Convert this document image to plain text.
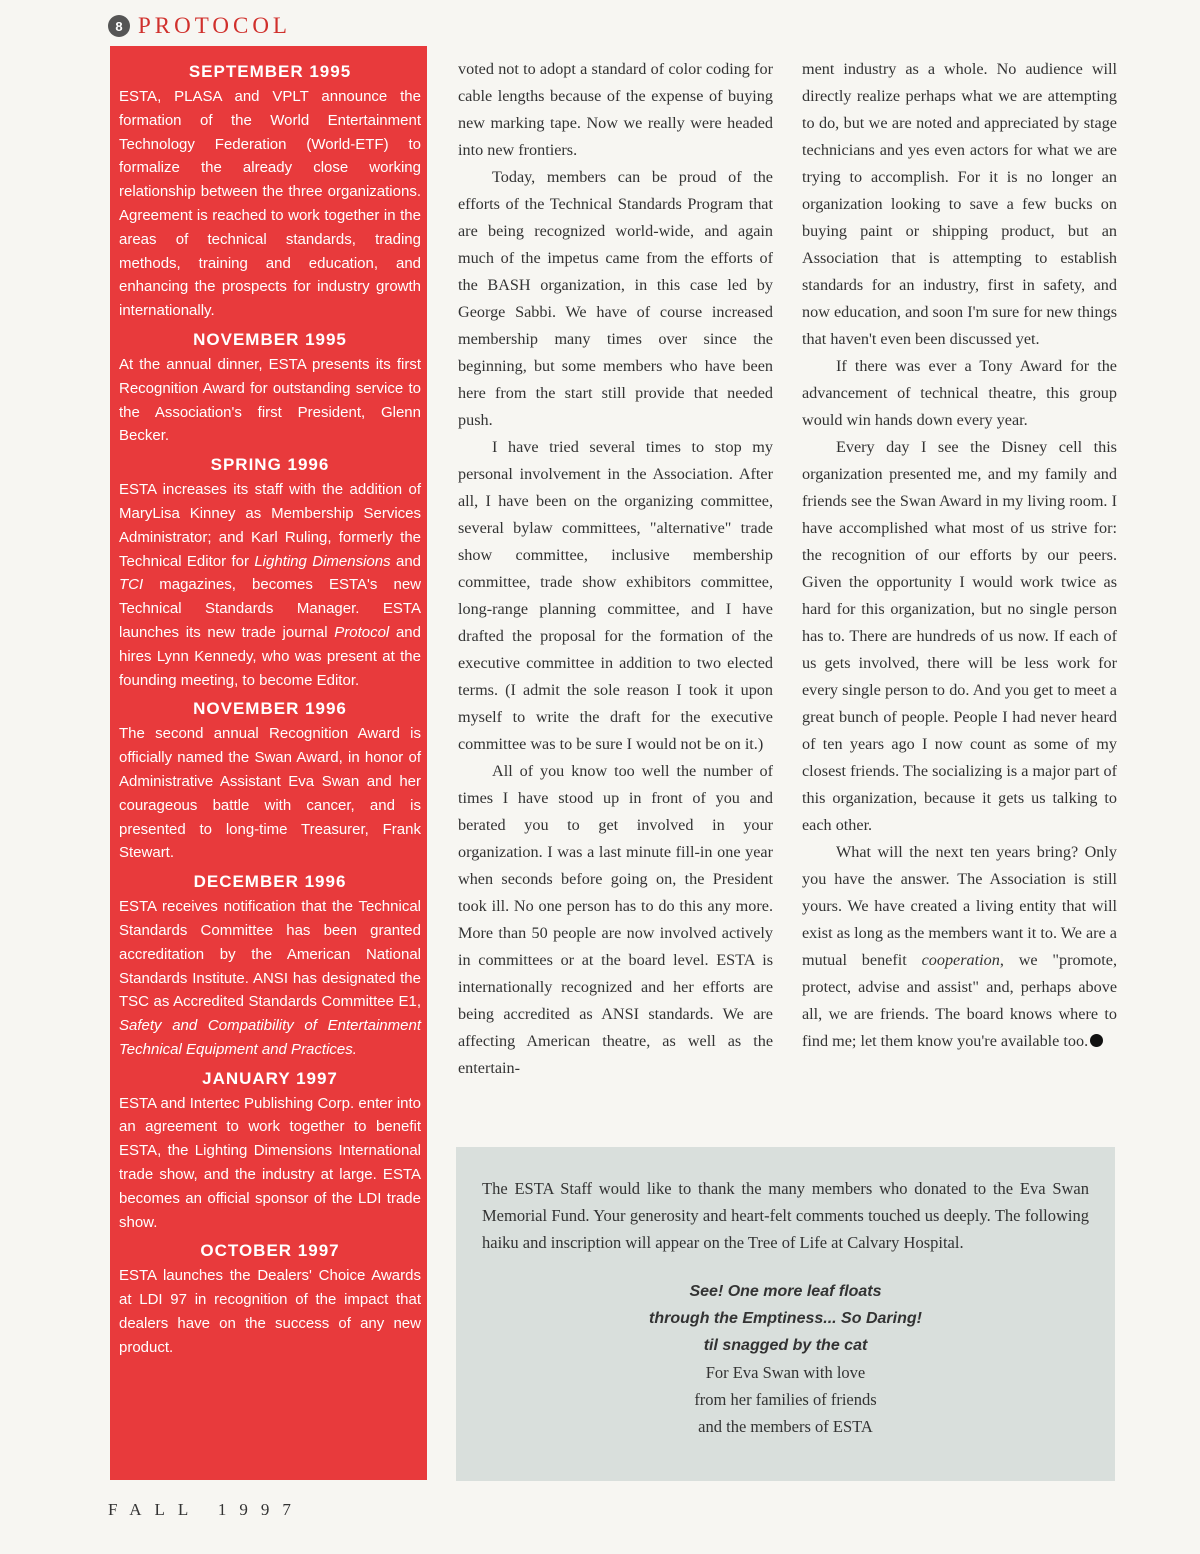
8 PROTOCOL
SEPTEMBER 1995

ESTA, PLASA and VPLT announce the formation of the World Entertainment Technology Federation (World-ETF) to formalize the already close working relationship between the three organizations. Agreement is reached to work together in the areas of technical standards, trading methods, training and education, and enhancing the prospects for industry growth internationally.

NOVEMBER 1995

At the annual dinner, ESTA presents its first Recognition Award for outstanding service to the Association's first President, Glenn Becker.

SPRING 1996

ESTA increases its staff with the addition of MaryLisa Kinney as Membership Services Administrator; and Karl Ruling, formerly the Technical Editor for Lighting Dimensions and TCI magazines, becomes ESTA's new Technical Standards Manager. ESTA launches its new trade journal Protocol and hires Lynn Kennedy, who was present at the founding meeting, to become Editor.

NOVEMBER 1996

The second annual Recognition Award is officially named the Swan Award, in honor of Administrative Assistant Eva Swan and her courageous battle with cancer, and is presented to long-time Treasurer, Frank Stewart.

DECEMBER 1996

ESTA receives notification that the Technical Standards Committee has been granted accreditation by the American National Standards Institute. ANSI has designated the TSC as Accredited Standards Committee E1, Safety and Compatibility of Entertainment Technical Equipment and Practices.

JANUARY 1997

ESTA and Intertec Publishing Corp. enter into an agreement to work together to benefit ESTA, the Lighting Dimensions International trade show, and the industry at large. ESTA becomes an official sponsor of the LDI trade show.

OCTOBER 1997

ESTA launches the Dealers' Choice Awards at LDI 97 in recognition of the impact that dealers have on the success of any new product.

voted not to adopt a standard of color coding for cable lengths because of the expense of buying new marking tape. Now we really were headed into new frontiers.

Today, members can be proud of the efforts of the Technical Standards Program that are being recognized world-wide, and again much of the impetus came from the efforts of the BASH organization, in this case led by George Sabbi. We have of course increased membership many times over since the beginning, but some members who have been here from the start still provide that needed push.

I have tried several times to stop my personal involvement in the Association. After all, I have been on the organizing committee, several bylaw committees, "alternative" trade show committee, inclusive membership committee, trade show exhibitors committee, long-range planning committee, and I have drafted the proposal for the formation of the executive committee in addition to two elected terms. (I admit the sole reason I took it upon myself to write the draft for the executive committee was to be sure I would not be on it.)

All of you know too well the number of times I have stood up in front of you and berated you to get involved in your organization. I was a last minute fill-in one year when seconds before going on, the President took ill. No one person has to do this any more. More than 50 people are now involved actively in committees or at the board level. ESTA is internationally recognized and her efforts are being accredited as ANSI standards. We are affecting American theatre, as well as the entertain-

ment industry as a whole. No audience will directly realize perhaps what we are attempting to do, but we are noted and appreciated by stage technicians and yes even actors for what we are trying to accomplish. For it is no longer an organization looking to save a few bucks on buying paint or shipping product, but an Association that is attempting to establish standards for an industry, first in safety, and now education, and soon I'm sure for new things that haven't even been discussed yet.

If there was ever a Tony Award for the advancement of technical theatre, this group would win hands down every year.

Every day I see the Disney cell this organization presented me, and my family and friends see the Swan Award in my living room. I have accomplished what most of us strive for: the recognition of our efforts by our peers. Given the opportunity I would work twice as hard for this organization, but no single person has to. There are hundreds of us now. If each of us gets involved, there will be less work for every single person to do. And you get to meet a great bunch of people. People I had never heard of ten years ago I now count as some of my closest friends. The socializing is a major part of this organization, because it gets us talking to each other.

What will the next ten years bring? Only you have the answer. The Association is still yours. We have created a living entity that will exist as long as the members want it to. We are a mutual benefit cooperation, we "promote, protect, advise and assist" and, perhaps above all, we are friends. The board knows where to find me; let them know you're available too.

The ESTA Staff would like to thank the many members who donated to the Eva Swan Memorial Fund. Your generosity and heart-felt comments touched us deeply. The following haiku and inscription will appear on the Tree of Life at Calvary Hospital.

See! One more leaf floats
through the Emptiness... So Daring!
til snagged by the cat
For Eva Swan with love
from her families of friends
and the members of ESTA
FALL 1997
